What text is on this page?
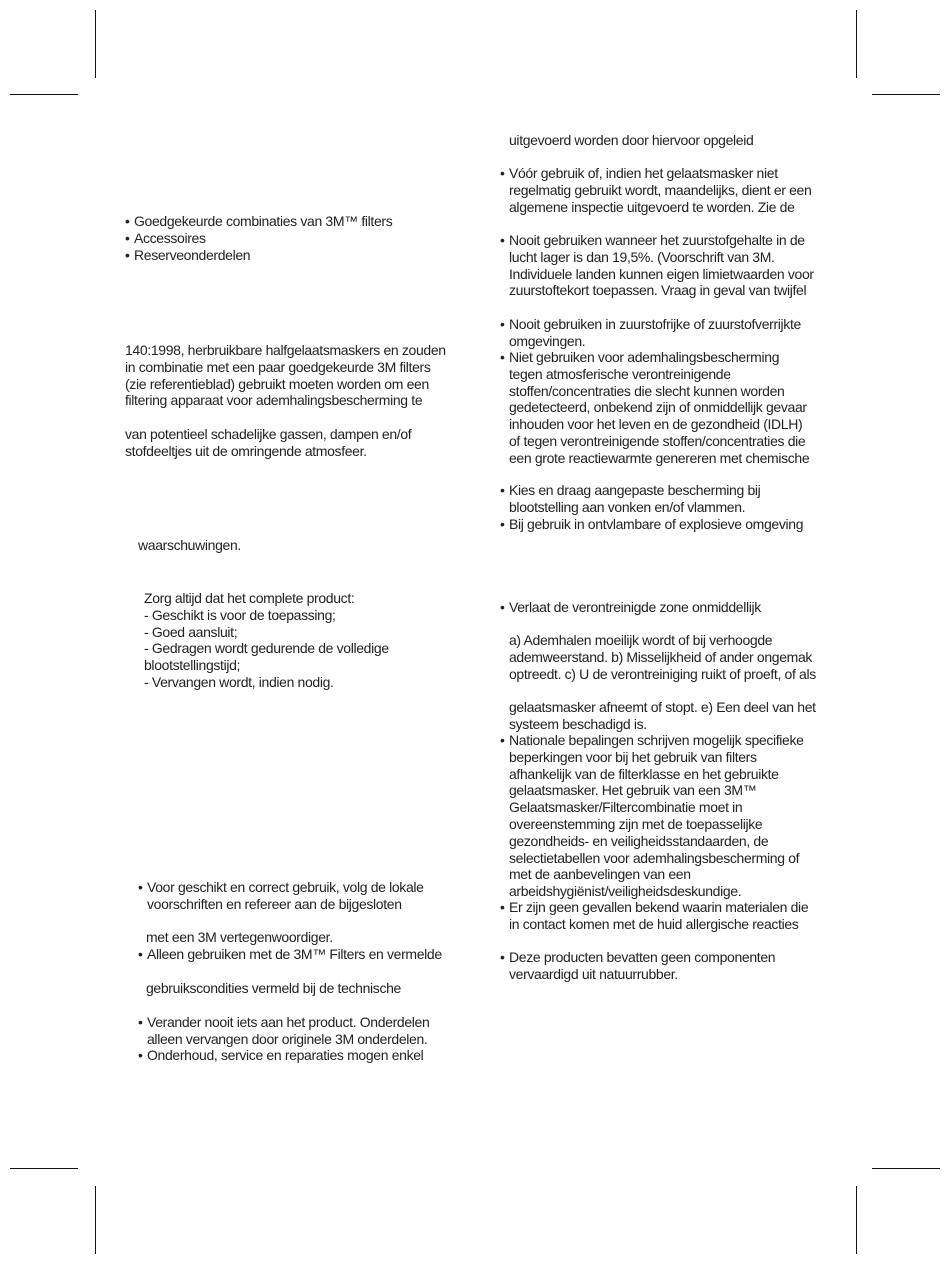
• Goedgekeurde combinaties van 3M™ filters
• Accessoires
• Reserveonderdelen
140:1998, herbruikbare halfgelaatsmaskers en zouden
in combinatie met een paar goedgekeurde 3M filters
(zie referentieblad) gebruikt moeten worden om een
filtering apparaat voor ademhalingsbescherming te
van potentieel schadelijke gassen, dampen en/of
stofdeeltjes uit de omringende atmosfeer.
waarschuwingen.
Zorg altijd dat het complete product:
- Geschikt is voor de toepassing;
- Goed aansluit;
- Gedragen wordt gedurende de volledige
blootstellingstijd;
- Vervangen wordt, indien nodig.
• Voor geschikt en correct gebruik, volg de lokale
voorschriften en refereer aan de bijgesloten
met een 3M vertegenwoordiger.
• Alleen gebruiken met de 3M™ Filters en vermelde
gebruikscondities vermeld bij de technische
• Verander nooit iets aan het product. Onderdelen
alleen vervangen door originele 3M onderdelen.
• Onderhoud, service en reparaties mogen enkel
uitgevoerd worden door hiervoor opgeleid
• Vóór gebruik of, indien het gelaatsmasker niet
regelmatig gebruikt wordt, maandelijks, dient er een
algemene inspectie uitgevoerd te worden. Zie de
• Nooit gebruiken wanneer het zuurstofgehalte in de
lucht lager is dan 19,5%. (Voorschrift van 3M.
Individuele landen kunnen eigen limietwaarden voor
zuurstoftekort toepassen. Vraag in geval van twijfel
• Nooit gebruiken in zuurstofrijke of zuurstofverrijkte
omgevingen.
• Niet gebruiken voor ademhalingsbescherming
tegen atmosferische verontreinigende
stoffen/concentraties die slecht kunnen worden
gedetecteerd, onbekend zijn of onmiddellijk gevaar
inhouden voor het leven en de gezondheid (IDLH)
of tegen verontreinigende stoffen/concentraties die
een grote reactiewarmte genereren met chemische
• Kies en draag aangepaste bescherming bij
blootstelling aan vonken en/of vlammen.
• Bij gebruik in ontvlambare of explosieve omgeving
• Verlaat de verontreinigde zone onmiddellijk
a) Ademhalen moeilijk wordt of bij verhoogde
ademweerstand. b) Misselijkheid of ander ongemak
optreedt. c) U de verontreiniging ruikt of proeft, of als
gelaatsmasker afneemt of stopt. e) Een deel van het
systeem beschadigd is.
• Nationale bepalingen schrijven mogelijk specifieke
beperkingen voor bij het gebruik van filters
afhankelijk van de filterklasse en het gebruikte
gelaatsmasker. Het gebruik van een 3M™
Gelaatsmasker/Filtercombinatie moet in
overeenstemming zijn met de toepasselijke
gezondheids- en veiligheidsstandaarden, de
selectietabellen voor ademhalingsbescherming of
met de aanbevelingen van een
arbeidshygiënist/veiligheidsdeskundige.
• Er zijn geen gevallen bekend waarin materialen die
in contact komen met de huid allergische reacties
• Deze producten bevatten geen componenten
vervaardigd uit natuurrubber.
